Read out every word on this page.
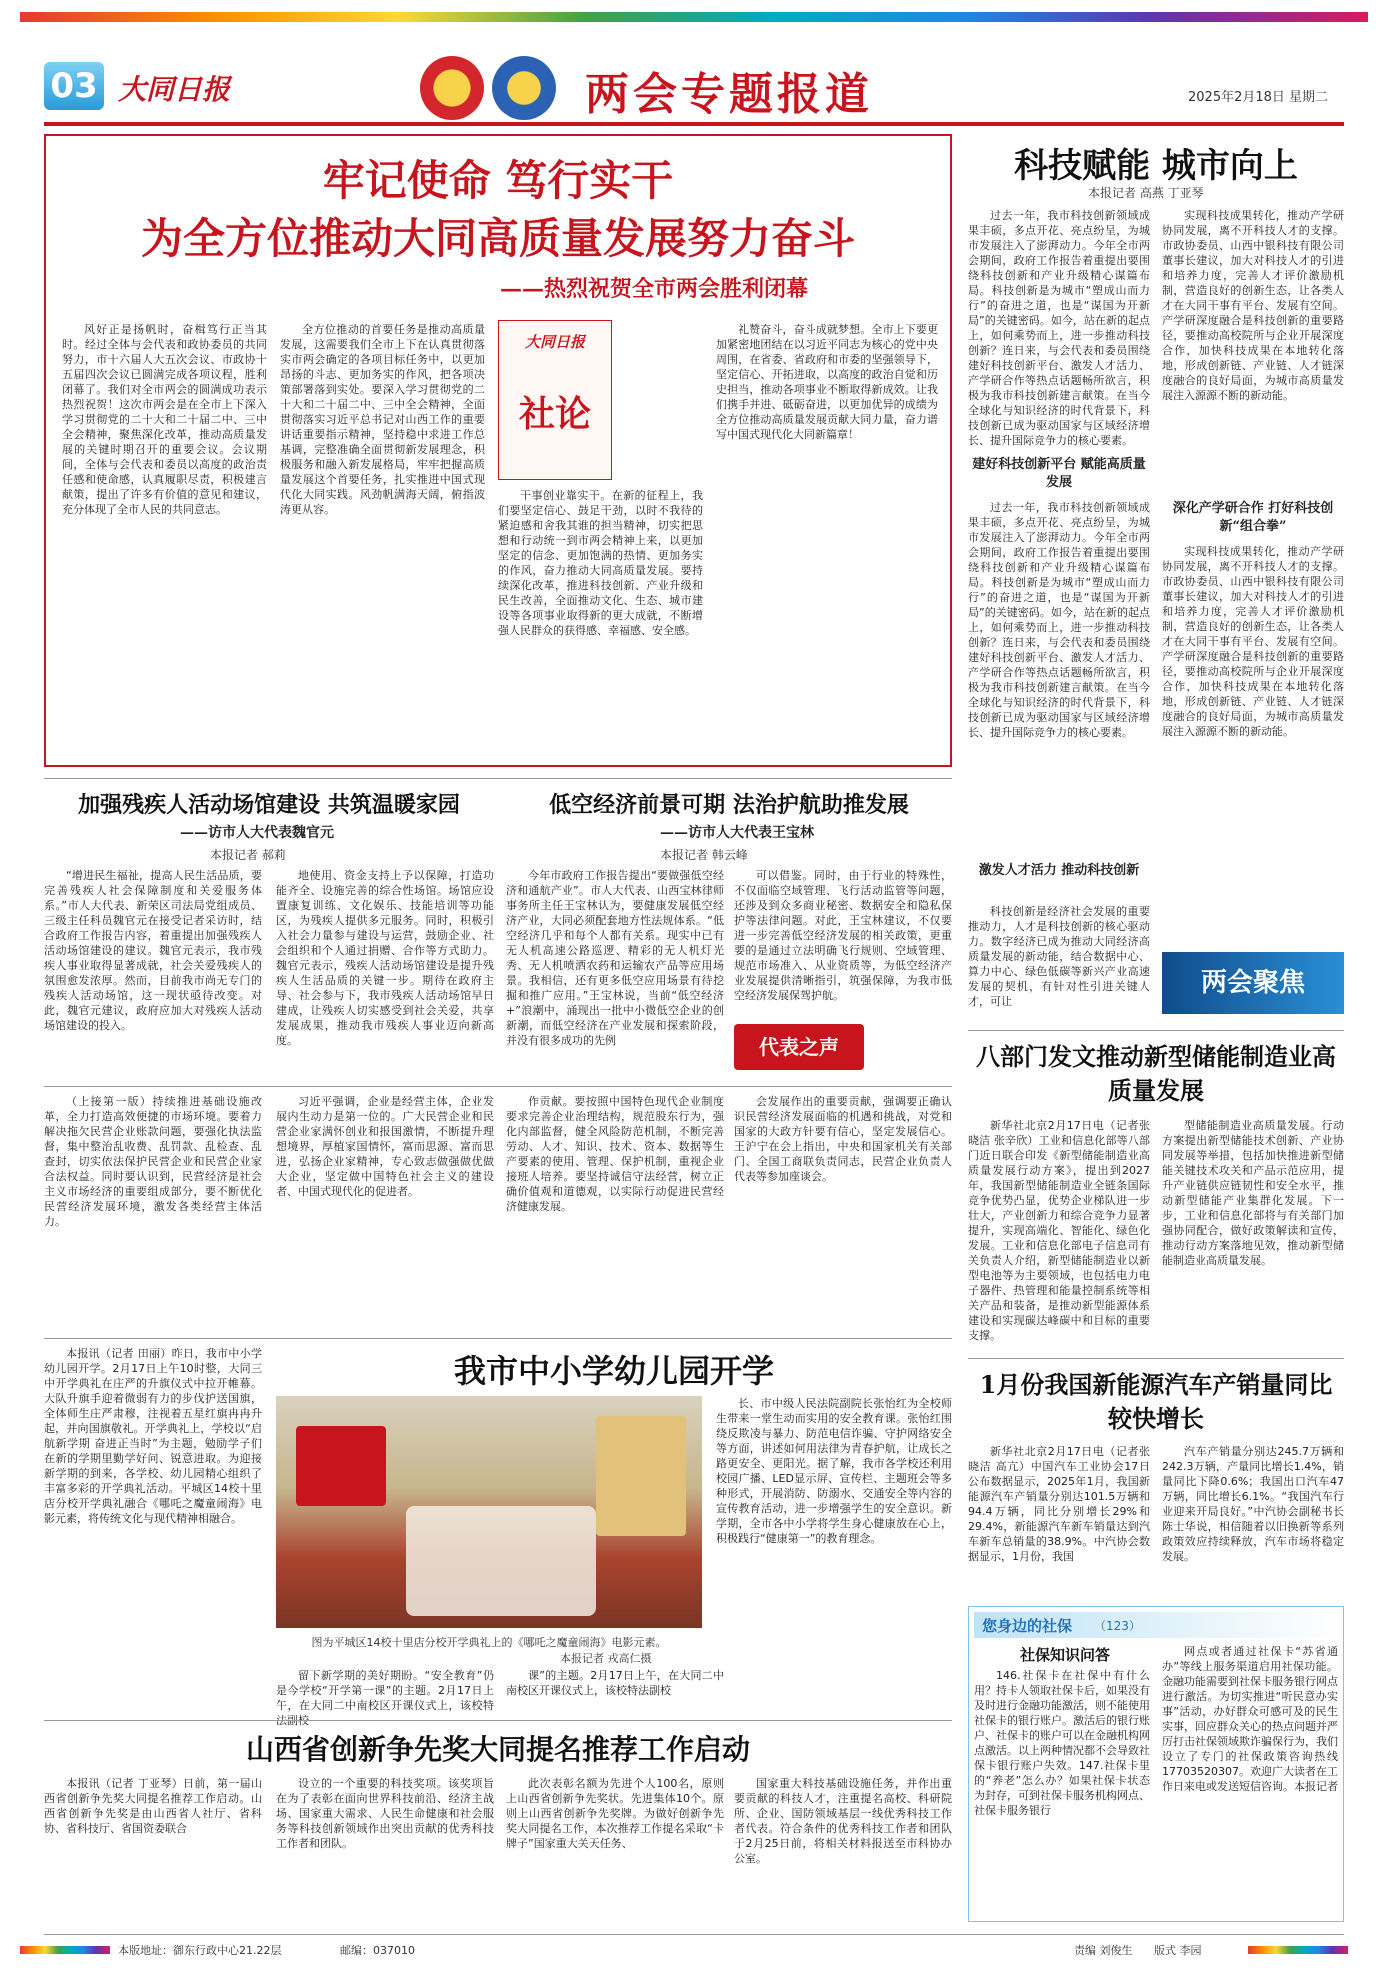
03 大同日报	两会专题报道	2025年2月18日 星期二
牢记使命 笃行实干
为全方位推动大同高质量发展努力奋斗
——热烈祝贺全市两会胜利闭幕

风好正是扬帆时，奋楫笃行正当其时。经过全体与会代表和政协委员的共同努力，市十六届人大五次会议、市政协十五届四次会议已圆满完成各项议程，胜利闭幕了。我们对全市两会的圆满成功表示热烈祝贺！这次市两会是在全市上下深入学习贯彻党的二十大和二十届二中、三中全会精神，聚焦深化改革，推动高质量发展的关键时期召开的重要会议。会议期间，全体与会代表和委员以高度的政治责任感和使命感，认真履职尽责，积极建言献策，提出了许多有价值的意见和建议，充分体现了全市人民的共同意志。

全方位推动的首要任务是推动高质量发展，这需要我们全市上下在认真贯彻落实市两会确定的各项目标任务中，以更加昂扬的斗志、更加务实的作风，把各项决策部署落到实处。要深入学习贯彻党的二十大和二十届二中、三中全会精神，全面贯彻落实习近平总书记对山西工作的重要讲话重要指示精神，坚持稳中求进工作总基调，完整准确全面贯彻新发展理念，积极服务和融入新发展格局，牢牢把握高质量发展这个首要任务，扎实推进中国式现代化大同实践。风劲帆满海天阔，俯指波涛更从容。

大同日报
社论

干事创业靠实干。在新的征程上，我们要坚定信心、鼓足干劲，以时不我待的紧迫感和舍我其谁的担当精神，切实把思想和行动统一到市两会精神上来，以更加坚定的信念、更加饱满的热情、更加务实的作风，奋力推动大同高质量发展。要持续深化改革，推进科技创新、产业升级和民生改善，全面推动文化、生态、城市建设等各项事业取得新的更大成就，不断增强人民群众的获得感、幸福感、安全感。

礼赞奋斗，奋斗成就梦想。全市上下要更加紧密地团结在以习近平同志为核心的党中央周围，在省委、省政府和市委的坚强领导下，坚定信心、开拓进取，以高度的政治自觉和历史担当，推动各项事业不断取得新成效。让我们携手并进、砥砺奋进，以更加优异的成绩为全方位推动高质量发展贡献大同力量，奋力谱写中国式现代化大同新篇章！

科技赋能 城市向上
本报记者 高燕 丁亚琴

过去一年，我市科技创新领域成果丰硕，多点开花、亮点纷呈，为城市发展注入了澎湃动力。今年全市两会期间，政府工作报告着重提出要围绕科技创新和产业升级精心谋篇布局。科技创新是为城市“塑成山而力行”的奋进之道，也是“谋国为开新局”的关键密码。如今，站在新的起点上，如何乘势而上，进一步推动科技创新？连日来，与会代表和委员围绕建好科技创新平台、激发人才活力、产学研合作等热点话题畅所欲言，积极为我市科技创新建言献策。在当今全球化与知识经济的时代背景下，科技创新已成为驱动国家与区域经济增长、提升国际竞争力的核心要素。

建好科技创新平台 赋能高质量发展

过去一年，我市科技创新领域成果丰硕，多点开花、亮点纷呈，为城市发展注入了澎湃动力。今年全市两会期间，政府工作报告着重提出要围绕科技创新和产业升级精心谋篇布局。科技创新是为城市“塑成山而力行”的奋进之道，也是“谋国为开新局”的关键密码。如今，站在新的起点上，如何乘势而上，进一步推动科技创新？连日来，与会代表和委员围绕建好科技创新平台、激发人才活力、产学研合作等热点话题畅所欲言，积极为我市科技创新建言献策。在当今全球化与知识经济的时代背景下，科技创新已成为驱动国家与区域经济增长、提升国际竞争力的核心要素。

实现科技成果转化，推动产学研协同发展，离不开科技人才的支撑。市政协委员、山西中银科技有限公司董事长建议，加大对科技人才的引进和培养力度，完善人才评价激励机制，营造良好的创新生态，让各类人才在大同干事有平台、发展有空间。产学研深度融合是科技创新的重要路径，要推动高校院所与企业开展深度合作，加快科技成果在本地转化落地，形成创新链、产业链、人才链深度融合的良好局面，为城市高质量发展注入源源不断的新动能。

深化产学研合作 打好科技创新“组合拳”

实现科技成果转化，推动产学研协同发展，离不开科技人才的支撑。市政协委员、山西中银科技有限公司董事长建议，加大对科技人才的引进和培养力度，完善人才评价激励机制，营造良好的创新生态，让各类人才在大同干事有平台、发展有空间。产学研深度融合是科技创新的重要路径，要推动高校院所与企业开展深度合作，加快科技成果在本地转化落地，形成创新链、产业链、人才链深度融合的良好局面，为城市高质量发展注入源源不断的新动能。

激发人才活力 推动科技创新

科技创新是经济社会发展的重要推动力，人才是科技创新的核心驱动力。数字经济已成为推动大同经济高质量发展的新动能，结合数据中心、算力中心、绿色低碳等新兴产业高速发展的契机，有针对性引进关键人才，可让

两会聚焦
加强残疾人活动场馆建设 共筑温暖家园
——访市人大代表魏官元
本报记者 郝莉

“增进民生福祉，提高人民生活品质，要完善残疾人社会保障制度和关爱服务体系。”市人大代表、新荣区司法局党组成员、三级主任科员魏官元在接受记者采访时，结合政府工作报告内容，着重提出加强残疾人活动场馆建设的建议。魏官元表示，我市残疾人事业取得显著成就，社会关爱残疾人的氛围愈发浓厚。然而，目前我市尚无专门的残疾人活动场馆，这一现状亟待改变。对此，魏官元建议，政府应加大对残疾人活动场馆建设的投入。

地使用、资金支持上予以保障，打造功能齐全、设施完善的综合性场馆。场馆应设置康复训练、文化娱乐、技能培训等功能区，为残疾人提供多元服务。同时，积极引入社会力量参与建设与运营，鼓励企业、社会组织和个人通过捐赠、合作等方式助力。魏官元表示，残疾人活动场馆建设是提升残疾人生活品质的关键一步。期待在政府主导、社会参与下，我市残疾人活动场馆早日建成，让残疾人切实感受到社会关爱，共享发展成果，推动我市残疾人事业迈向新高度。

低空经济前景可期 法治护航助推发展
——访市人大代表王宝林
本报记者 韩云峰

今年市政府工作报告提出“要做强低空经济和通航产业”。市人大代表、山西宝林律师事务所主任王宝林认为，要健康发展低空经济产业，大同必须配套地方性法规体系。“低空经济几乎和每个人都有关系。现实中已有无人机高速公路巡逻、精彩的无人机灯光秀、无人机喷洒农药和运输农产品等应用场景。我相信，还有更多低空应用场景有待挖掘和推广应用。”王宝林说，当前“低空经济+”浪潮中，涌现出一批中小微低空企业的创新潮，而低空经济在产业发展和探索阶段，并没有很多成功的先例

可以借鉴。同时，由于行业的特殊性，不仅面临空域管理、飞行活动监管等问题，还涉及到众多商业秘密、数据安全和隐私保护等法律问题。对此，王宝林建议，不仅要进一步完善低空经济发展的相关政策，更重要的是通过立法明确飞行规则、空域管理、规范市场准入、从业资质等，为低空经济产业发展提供清晰指引，筑强保障，为我市低空经济发展保驾护航。

代表之声

（上接第一版）持续推进基础设施改革，全力打造高效便捷的市场环境。要着力解决拖欠民营企业账款问题，要强化执法监督，集中整治乱收费、乱罚款、乱检查、乱查封，切实依法保护民营企业和民营企业家合法权益。同时要认识到，民营经济是社会主义市场经济的重要组成部分，要不断优化民营经济发展环境，激发各类经营主体活力。

习近平强调，企业是经营主体，企业发展内生动力是第一位的。广大民营企业和民营企业家满怀创业和报国激情，不断提升理想境界，厚植家国情怀，富而思源、富而思进，弘扬企业家精神，专心致志做强做优做大企业，坚定做中国特色社会主义的建设者、中国式现代化的促进者。

作贡献。要按照中国特色现代企业制度要求完善企业治理结构，规范股东行为，强化内部监督，健全风险防范机制，不断完善劳动、人才、知识、技术、资本、数据等生产要素的使用、管理、保护机制，重视企业接班人培养。要坚持诚信守法经营，树立正确价值观和道德观，以实际行动促进民营经济健康发展。

会发展作出的重要贡献，强调要正确认识民营经济发展面临的机遇和挑战，对党和国家的大政方针要有信心，坚定发展信心。王沪宁在会上指出，中央和国家机关有关部门、全国工商联负责同志，民营企业负责人代表等参加座谈会。

八部门发文推动新型储能制造业高质量发展

新华社北京2月17日电（记者张晓洁 张辛欣）工业和信息化部等八部门近日联合印发《新型储能制造业高质量发展行动方案》，提出到2027年，我国新型储能制造业全链条国际竞争优势凸显，优势企业梯队进一步壮大，产业创新力和综合竞争力显著提升，实现高端化、智能化、绿色化发展。工业和信息化部电子信息司有关负责人介绍，新型储能制造业以新型电池等为主要领域，也包括电力电子器件、热管理和能量控制系统等相关产品和装备，是推动新型能源体系建设和实现碳达峰碳中和目标的重要支撑。

型储能制造业高质量发展。行动方案提出新型储能技术创新、产业协同发展等举措，包括加快推进新型储能关键技术攻关和产品示范应用，提升产业链供应链韧性和安全水平，推动新型储能产业集群化发展。下一步，工业和信息化部将与有关部门加强协同配合，做好政策解读和宣传，推动行动方案落地见效，推动新型储能制造业高质量发展。

本报讯（记者 田丽）昨日，我市中小学幼儿园开学。2月17日上午10时整，大同三中开学典礼在庄严的升旗仪式中拉开帷幕。大队升旗手迎着微弱有力的步伐护送国旗，全体师生庄严肃穆，注视着五星红旗冉冉升起，并向国旗敬礼。开学典礼上，学校以“启航新学期 奋进正当时”为主题，勉励学子们在新的学期里勤学好问、锐意进取。为迎接新学期的到来，各学校、幼儿园精心组织了丰富多彩的开学典礼活动。平城区14校十里店分校开学典礼融合《哪吒之魔童闹海》电影元素，将传统文化与现代精神相融合。

我市中小学幼儿园开学
图为平城区14校十里店分校开学典礼上的《哪吒之魔童闹海》电影元素。
本报记者 戎高仁摄

长、市中级人民法院副院长张怡红为全校师生带来一堂生动而实用的安全教育课。张怡红围绕反欺凌与暴力、防范电信诈骗、守护网络安全等方面，讲述如何用法律为青春护航，让成长之路更安全、更阳光。据了解，我市各学校还利用校园广播、LED显示屏、宣传栏、主题班会等多种形式，开展消防、防溺水、交通安全等内容的宣传教育活动，进一步增强学生的安全意识。新学期，全市各中小学将学生身心健康放在心上，积极践行“健康第一”的教育理念。

留下新学期的美好期盼。“安全教育”仍是今学校“开学第一课”的主题。2月17日上午，在大同二中南校区开课仪式上，该校特法副校

课”的主题。2月17日上午，在大同二中南校区开课仪式上，该校特法副校

山西省创新争先奖大同提名推荐工作启动

本报讯（记者 丁亚琴）日前，第一届山西省创新争先奖大同提名推荐工作启动。山西省创新争先奖是由山西省人社厅、省科协、省科技厅、省国资委联合

设立的一个重要的科技奖项。该奖项旨在为了表彰在面向世界科技前沿、经济主战场、国家重大需求、人民生命健康和社会服务等科技创新领域作出突出贡献的优秀科技工作者和团队。

此次表彰名额为先进个人100名，原则上山西省创新争先奖状。先进集体10个。原则上山西省创新争先奖牌。为做好创新争先奖大同提名工作，本次推荐工作提名采取“卡牌子”国家重大关天任务、

国家重大科技基础设施任务，并作出重要贡献的科技人才，注重提名高校、科研院所、企业、国防领域基层一线优秀科技工作者代表。符合条件的优秀科技工作者和团队于2月25日前，将相关材料报送至市科协办公室。

1月份我国新能源汽车产销量同比较快增长

新华社北京2月17日电（记者张晓洁 高亢）中国汽车工业协会17日公布数据显示，2025年1月，我国新能源汽车产销量分别达101.5万辆和94.4万辆，同比分别增长29%和29.4%，新能源汽车新车销量达到汽车新车总销量的38.9%。中汽协会数据显示，1月份，我国

汽车产销量分别达245.7万辆和242.3万辆，产量同比增长1.4%，销量同比下降0.6%；我国出口汽车47万辆，同比增长6.1%。“我国汽车行业迎来开局良好。”中汽协会副秘书长陈士华说，相信随着以旧换新等系列政策效应持续释放，汽车市场将稳定发展。

您身边的社保 （123）
社保知识问答

146.社保卡在社保中有什么用？持卡人领取社保卡后，如果没有及时进行金融功能激活，则不能使用社保卡的银行账户。激活后的银行账户、社保卡的账户可以在金融机构网点激活。以上两种情况都不会导致社保卡银行账户失效。147.社保卡里的“养老”怎么办？如果社保卡状态为封存，可到社保卡服务机构网点、社保卡服务银行

网点或者通过社保卡“苏省通办”等线上服务渠道启用社保功能。金融功能需要到社保卡服务银行网点进行激活。为切实推进“听民意办实事”活动，办好群众可感可及的民生实事，回应群众关心的热点问题并严厉打击社保领域欺诈骗保行为，我们设立了专门的社保政策咨询热线17703520307。欢迎广大读者在工作日来电或发送短信咨询。本报记者

本版地址：御东行政中心21.22层	邮编：037010	责编 刘俊生 版式 李园
